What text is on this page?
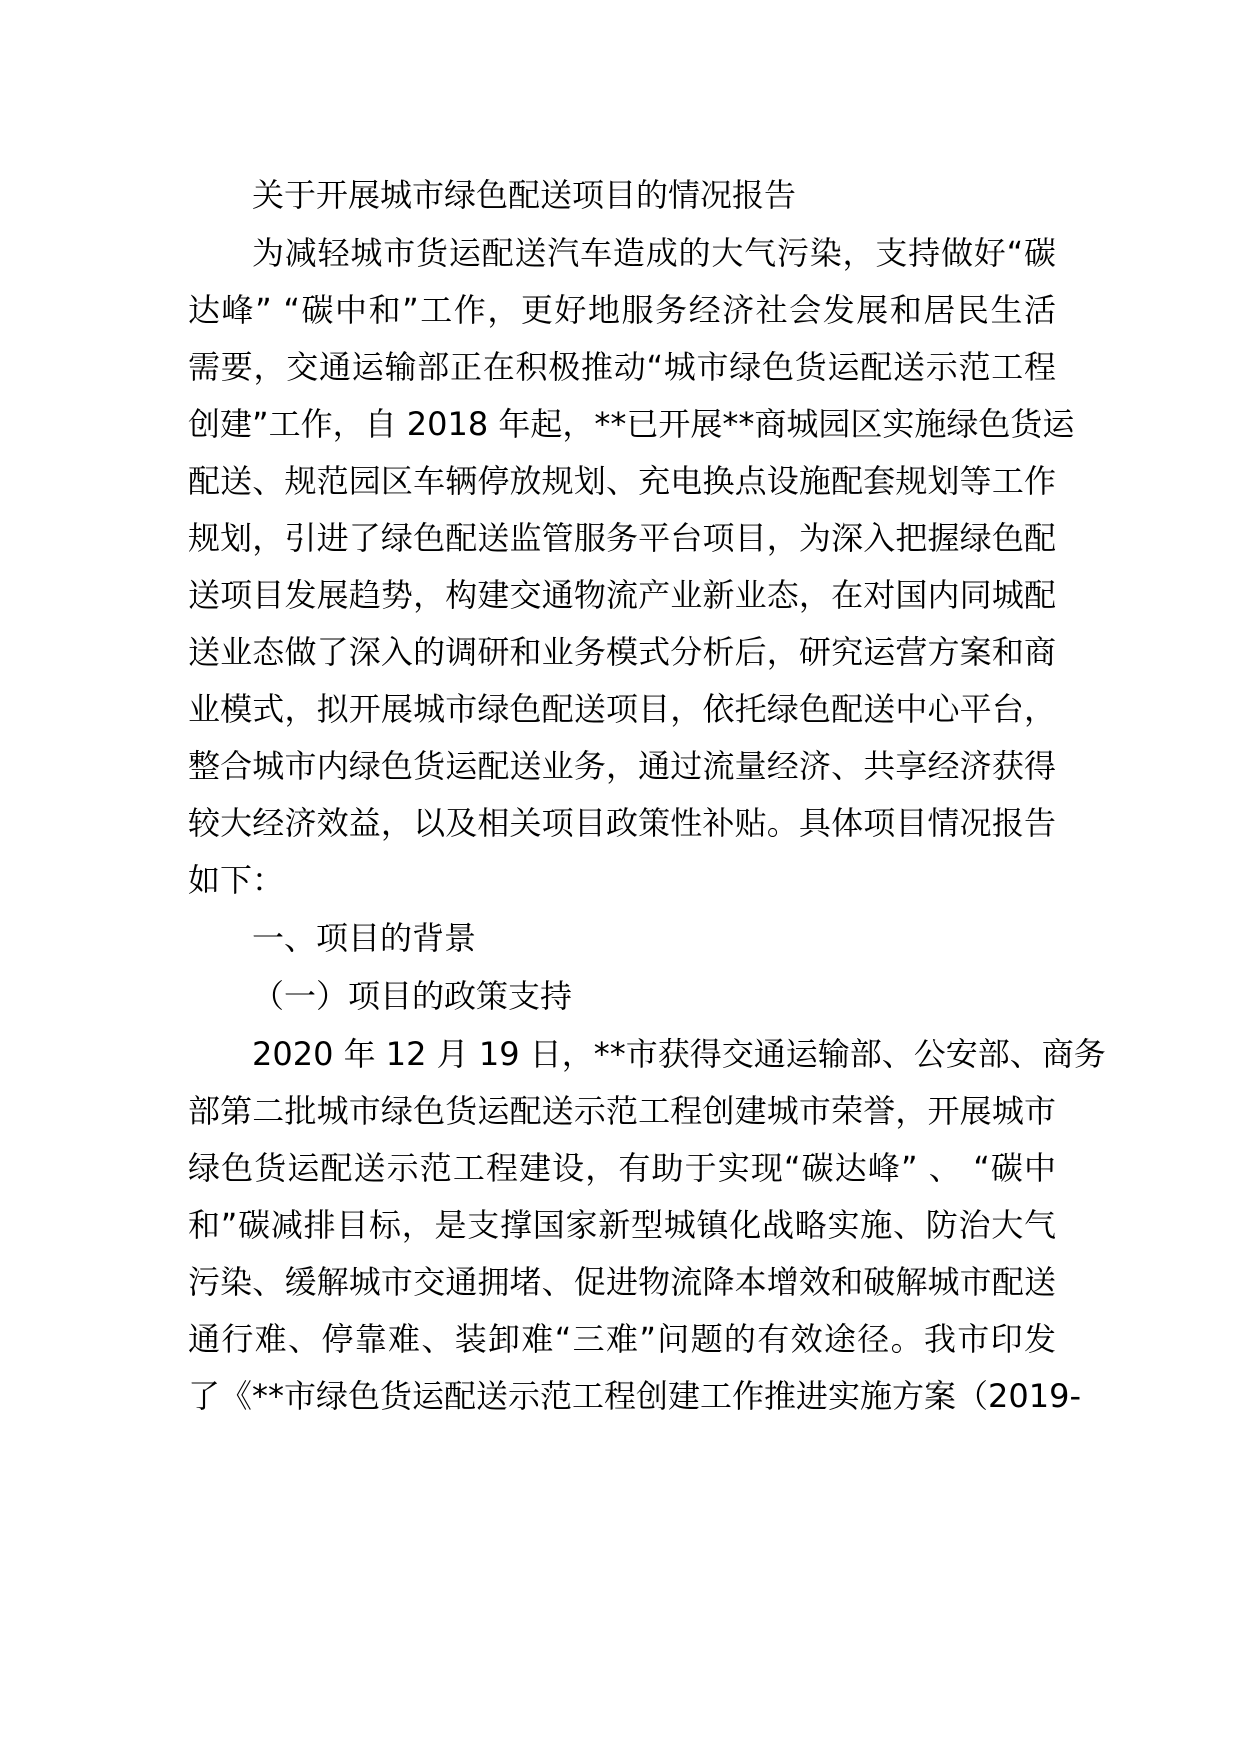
关于开展城市绿色配送项目的情况报告
为减轻城市货运配送汽车造成的大气污染，支持做好“碳
达峰” “碳中和”工作，更好地服务经济社会发展和居民生活
需要，交通运输部正在积极推动“城市绿色货运配送示范工程
创建”工作，自 2018 年起，**已开展**商城园区实施绿色货运
配送、规范园区车辆停放规划、充电换点设施配套规划等工作
规划，引进了绿色配送监管服务平台项目，为深入把握绿色配
送项目发展趋势，构建交通物流产业新业态，在对国内同城配
送业态做了深入的调研和业务模式分析后，研究运营方案和商
业模式，拟开展城市绿色配送项目，依托绿色配送中心平台，
整合城市内绿色货运配送业务，通过流量经济、共享经济获得
较大经济效益，以及相关项目政策性补贴。具体项目情况报告
如下：
一、项目的背景
（一）项目的政策支持
2020 年 12 月 19 日，**市获得交通运输部、公安部、商务
部第二批城市绿色货运配送示范工程创建城市荣誉，开展城市
绿色货运配送示范工程建设，有助于实现“碳达峰” 、 “碳中
和”碳减排目标，是支撑国家新型城镇化战略实施、防治大气
污染、缓解城市交通拥堵、促进物流降本增效和破解城市配送
通行难、停靠难、装卸难“三难”问题的有效途径。我市印发
了《**市绿色货运配送示范工程创建工作推进实施方案（2019-
